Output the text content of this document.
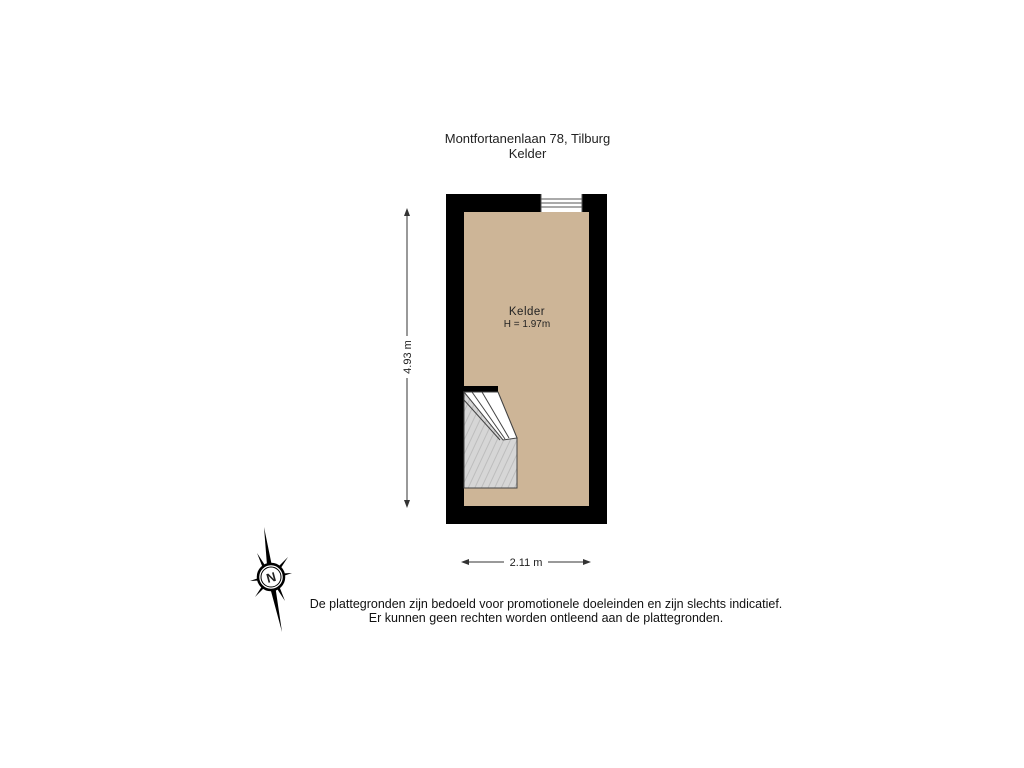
Montfortanenlaan 78, Tilburg
Kelder
Kelder
H = 1.97m
4.93 m
2.11 m
N
De plattegronden zijn bedoeld voor promotionele doeleinden en zijn slechts indicatief.
Er kunnen geen rechten worden ontleend aan de plattegronden.
